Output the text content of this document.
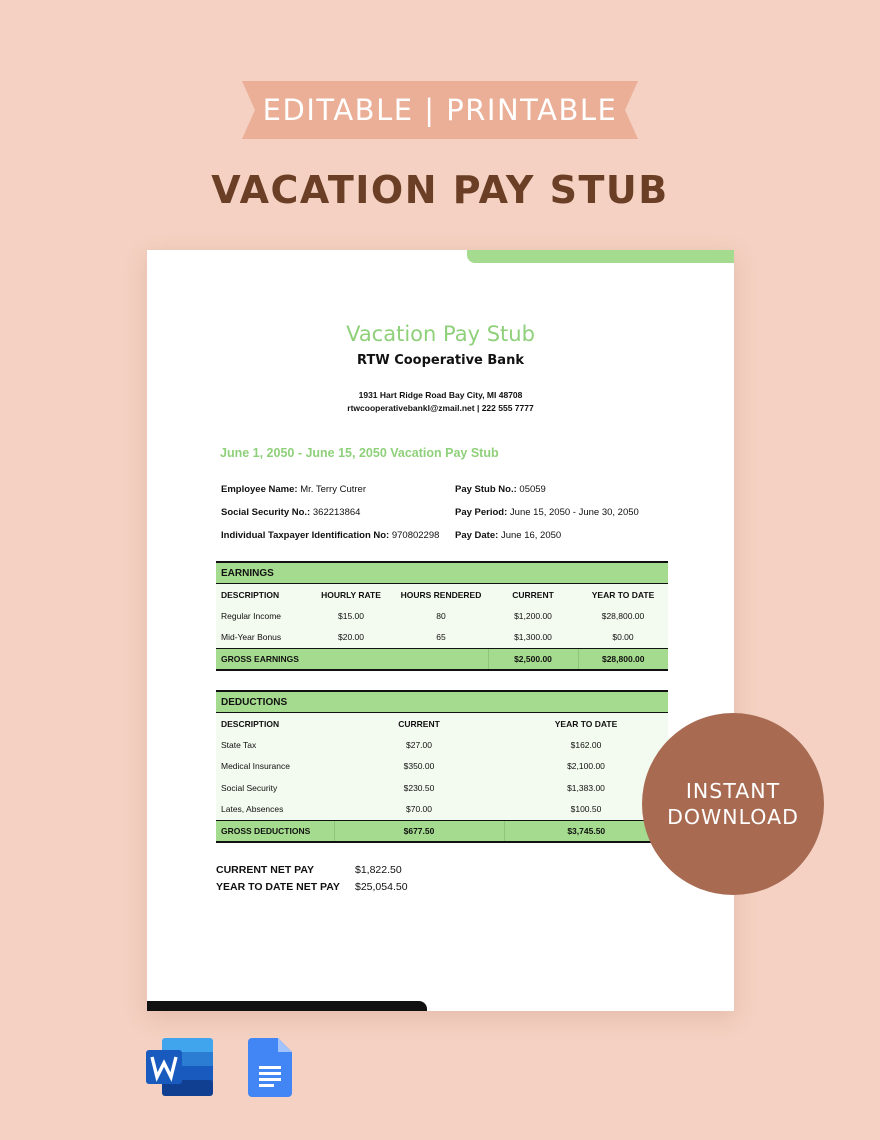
EDITABLE | PRINTABLE
VACATION PAY STUB
Vacation Pay Stub
RTW Cooperative Bank
1931 Hart Ridge Road Bay City, MI 48708
rtwcooperativebankl@zmail.net | 222 555 7777
June 1, 2050 - June 15, 2050 Vacation Pay Stub
Employee Name: Mr. Terry Cutrer
Social Security No.: 362213864
Individual Taxpayer Identification No: 970802298
Pay Stub No.: 05059
Pay Period: June 15, 2050 - June 30, 2050
Pay Date: June 16, 2050
EARNINGS				
DESCRIPTION	HOURLY RATE	HOURS RENDERED	CURRENT	YEAR TO DATE
Regular Income	$15.00	80	$1,200.00	$28,800.00
Mid-Year Bonus	$20.00	65	$1,300.00	$0.00
GROSS EARNINGS			$2,500.00	$28,800.00
DEDUCTIONS		
DESCRIPTION	CURRENT	YEAR TO DATE
State Tax	$27.00	$162.00
Medical Insurance	$350.00	$2,100.00
Social Security	$230.50	$1,383.00
Lates, Absences	$70.00	$100.50
GROSS DEDUCTIONS	$677.50	$3,745.50
CURRENT NET PAY	$1,822.50
YEAR TO DATE NET PAY $25,054.50
INSTANT
DOWNLOAD
